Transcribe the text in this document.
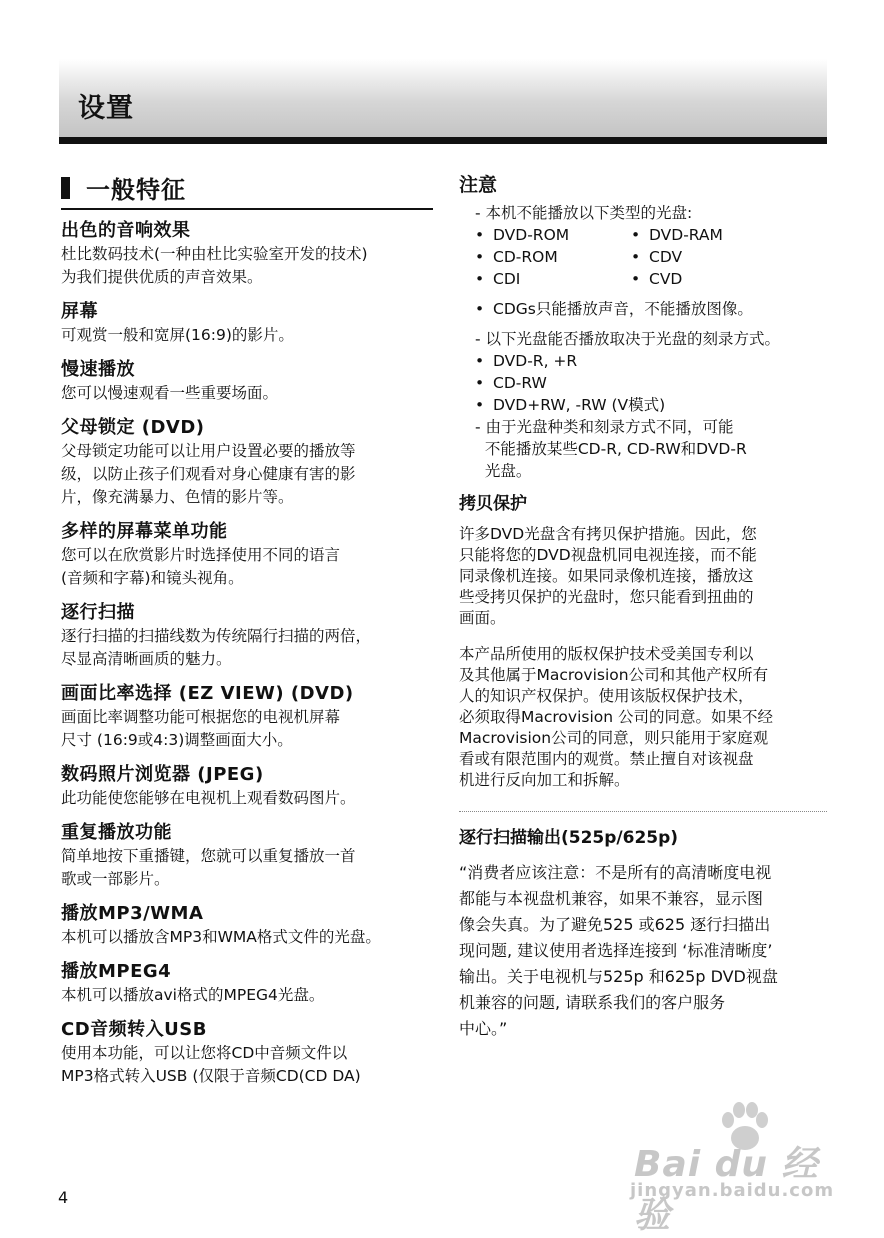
设置
一般特征
出色的音响效果
杜比数码技术(一种由杜比实验室开发的技术)
为我们提供优质的声音效果。
屏幕
可观赏一般和宽屏(16:9)的影片。
慢速播放
您可以慢速观看一些重要场面。
父母锁定 (DVD)
父母锁定功能可以让用户设置必要的播放等
级，以防止孩子们观看对身心健康有害的影
片，像充满暴力、色情的影片等。
多样的屏幕菜单功能
您可以在欣赏影片时选择使用不同的语言
(音频和字幕)和镜头视角。
逐行扫描
逐行扫描的扫描线数为传统隔行扫描的两倍，
尽显高清晰画质的魅力。
画面比率选择 (EZ VIEW) (DVD)
画面比率调整功能可根据您的电视机屏幕
尺寸 (16:9或4:3)调整画面大小。
数码照片浏览器 (JPEG)
此功能使您能够在电视机上观看数码图片。
重复播放功能
简单地按下重播键，您就可以重复播放一首
歌或一部影片。
播放MP3/WMA
本机可以播放含MP3和WMA格式文件的光盘。
播放MPEG4
本机可以播放avi格式的MPEG4光盘。
CD音频转入USB
使用本功能，可以让您将CD中音频文件以
MP3格式转入USB (仅限于音频CD(CD DA)
注意
- 本机不能播放以下类型的光盘:
• DVD-ROM	• DVD-RAM
• CD-ROM	• CDV
• CDI	• CVD
• CDGs只能播放声音，不能播放图像。
- 以下光盘能否播放取决于光盘的刻录方式。
• DVD-R, +R
• CD-RW
• DVD+RW, -RW (V模式)
- 由于光盘种类和刻录方式不同，可能
不能播放某些CD-R, CD-RW和DVD-R
光盘。
拷贝保护
许多DVD光盘含有拷贝保护措施。因此，您
只能将您的DVD视盘机同电视连接，而不能
同录像机连接。如果同录像机连接，播放这
些受拷贝保护的光盘时，您只能看到扭曲的
画面。
本产品所使用的版权保护技术受美国专利以
及其他属于Macrovision公司和其他产权所有
人的知识产权保护。使用该版权保护技术，
必须取得Macrovision 公司的同意。如果不经
Macrovision公司的同意，则只能用于家庭观
看或有限范围内的观赏。禁止擅自对该视盘
机进行反向加工和拆解。
逐行扫描输出(525p/625p)
“消费者应该注意：不是所有的高清晰度电视
都能与本视盘机兼容，如果不兼容，显示图
像会失真。为了避免525 或625 逐行扫描出
现问题, 建议使用者选择连接到 ‘标准清晰度’
输出。关于电视机与525p 和625p DVD视盘
机兼容的问题, 请联系我们的客户服务
中心。”
4
Bai du 经验
jingyan.baidu.com
